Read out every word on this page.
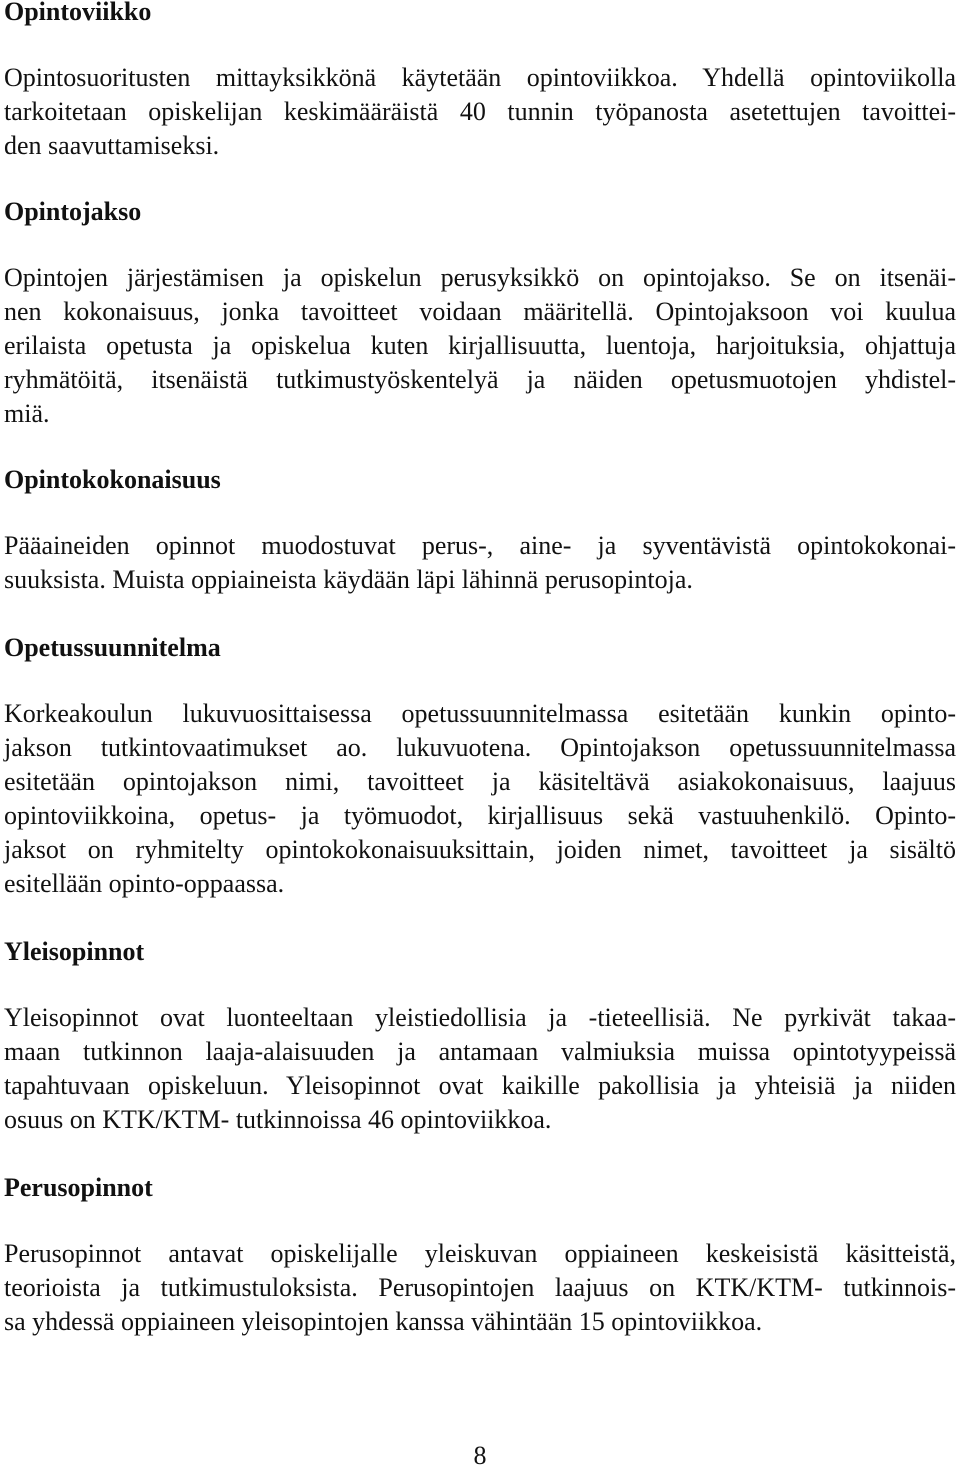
Opintoviikko
Opintosuoritusten mittayksikkönä käytetään opintoviikkoa. Yhdellä opintoviikolla
tarkoitetaan opiskelijan keskimääräistä 40 tunnin työpanosta asetettujen tavoittei-
den saavuttamiseksi.
Opintojakso
Opintojen järjestämisen ja opiskelun perusyksikkö on opintojakso. Se on itsenäi-
nen kokonaisuus, jonka tavoitteet voidaan määritellä. Opintojaksoon voi kuulua
erilaista opetusta ja opiskelua kuten kirjallisuutta, luentoja, harjoituksia, ohjattuja
ryhmätöitä, itsenäistä tutkimustyöskentelyä ja näiden opetusmuotojen yhdistel-
miä.
Opintokokonaisuus
Pääaineiden opinnot muodostuvat perus-, aine- ja syventävistä opintokokonai-
suuksista. Muista oppiaineista käydään läpi lähinnä perusopintoja.
Opetussuunnitelma
Korkeakoulun lukuvuosittaisessa opetussuunnitelmassa esitetään kunkin opinto-
jakson tutkintovaatimukset ao. lukuvuotena. Opintojakson opetussuunnitelmassa
esitetään opintojakson nimi, tavoitteet ja käsiteltävä asiakokonaisuus, laajuus
opintoviikkoina, opetus- ja työmuodot, kirjallisuus sekä vastuuhenkilö. Opinto-
jaksot on ryhmitelty opintokokonaisuuksittain, joiden nimet, tavoitteet ja sisältö
esitellään opinto-oppaassa.
Yleisopinnot
Yleisopinnot ovat luonteeltaan yleistiedollisia ja -tieteellisiä. Ne pyrkivät takaa-
maan tutkinnon laaja-alaisuuden ja antamaan valmiuksia muissa opintotyypeissä
tapahtuvaan opiskeluun. Yleisopinnot ovat kaikille pakollisia ja yhteisiä ja niiden
osuus on KTK/KTM- tutkinnoissa 46 opintoviikkoa.
Perusopinnot
Perusopinnot antavat opiskelijalle yleiskuvan oppiaineen keskeisistä käsitteistä,
teorioista ja tutkimustuloksista. Perusopintojen laajuus on KTK/KTM- tutkinnois-
sa yhdessä oppiaineen yleisopintojen kanssa vähintään 15 opintoviikkoa.
8
